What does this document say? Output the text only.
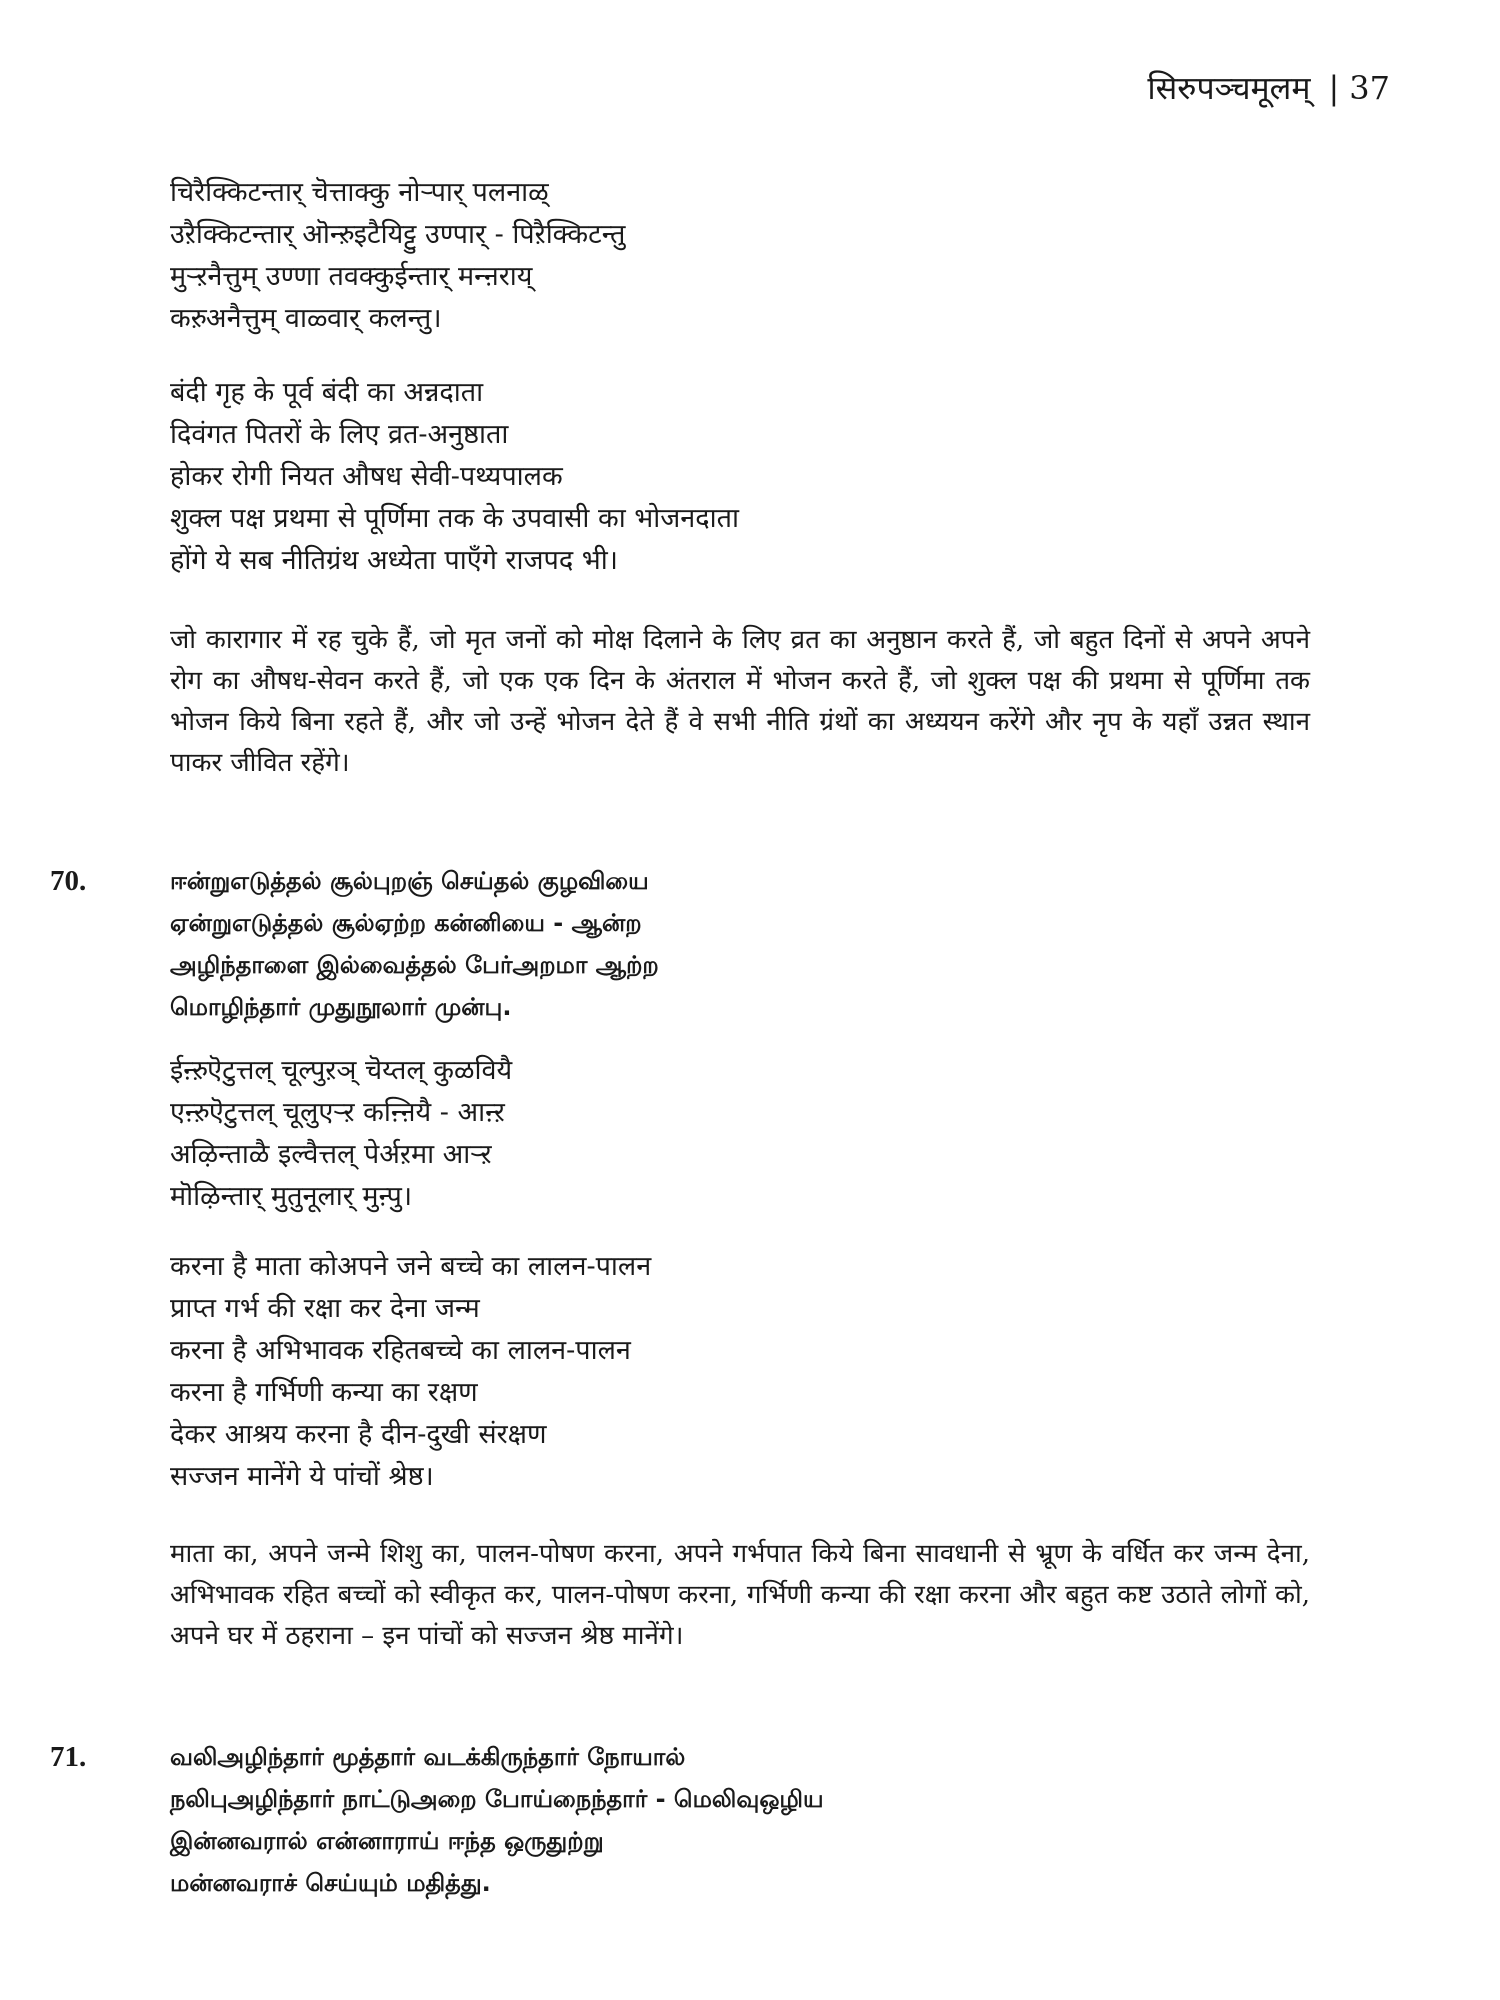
सिरुपञ्चमूलम् | 37
चिरैक्किटन्तार् चॆत्ताक्कु नोऱ्पार् पलनाळ्
उऱैक्किटन्तार् ऒन्ऱुइटैयिट्टु उण्पार् - पिऱैक्किटन्तु
मुऱ्ऱनैत्तुम् उण्णा तवक्कुईन्तार् मन्ऩराय्
कऱुअनैत्तुम् वाळ्वार् कलन्तु।
बंदी गृह के पूर्व बंदी का अन्नदाता
दिवंगत पितरों के लिए व्रत-अनुष्ठाता
होकर रोगी नियत औषध सेवी-पथ्यपालक
शुक्ल पक्ष प्रथमा से पूर्णिमा तक के उपवासी का भोजनदाता
होंगे ये सब नीतिग्रंथ अध्येता पाएँगे राजपद भी।
जो कारागार में रह चुके हैं, जो मृत जनों को मोक्ष दिलाने के लिए व्रत का अनुष्ठान करते हैं, जो बहुत दिनों से अपने अपने रोग का औषध-सेवन करते हैं, जो एक एक दिन के अंतराल में भोजन करते हैं, जो शुक्ल पक्ष की प्रथमा से पूर्णिमा तक भोजन किये बिना रहते हैं, और जो उन्हें भोजन देते हैं वे सभी नीति ग्रंथों का अध्ययन करेंगे और नृप के यहाँ उन्नत स्थान पाकर जीवित रहेंगे।
70.	ஈன்றுஎடுத்தல் சூல்புறஞ் செய்தல் குழவியை
ஏன்றுஎடுத்தல் சூல்ஏற்ற கன்னியை - ஆன்ற
அழிந்தாளை இல்வைத்தல் பேர்அறமா ஆற்ற
மொழிந்தார் முதுநூலார் முன்பு.
ईऩ्ऱुऎटुत्तल् चूल्पुऱञ् चॆय्तल् कुळवियै
एऩ्ऱुऎटुत्तल् चूलुएऱ्ऱ कऩ्ऩियै - आऩ्ऱ
अऴिन्ताळै इल्वैत्तल् पेर्अऱमा आऱ्ऱ
मॊऴिन्तार् मुतुनूलार् मुऩ्पु।
करना है माता कोअपने जने बच्चे का लालन-पालन
प्राप्त गर्भ की रक्षा कर देना जन्म
करना है अभिभावक रहितबच्चे का लालन-पालन
करना है गर्भिणी कन्या का रक्षण
देकर आश्रय करना है दीन-दुखी संरक्षण
सज्जन मानेंगे ये पांचों श्रेष्ठ।
माता का, अपने जन्मे शिशु का, पालन-पोषण करना, अपने गर्भपात किये बिना सावधानी से भ्रूण के वर्धित कर जन्म देना, अभिभावक रहित बच्चों को स्वीकृत कर, पालन-पोषण करना, गर्भिणी कन्या की रक्षा करना और बहुत कष्ट उठाते लोगों को, अपने घर में ठहराना – इन पांचों को सज्जन श्रेष्ठ मानेंगे।
71.	வலிஅழிந்தார் மூத்தார் வடக்கிருந்தார் நோயால்
நலிபுஅழிந்தார் நாட்டுஅறை போய்நைந்தார் - மெலிவுஒழிய
இன்னவரால் என்னாராய் ஈந்த ஒருதுற்று
மன்னவராச் செய்யும் மதித்து.
